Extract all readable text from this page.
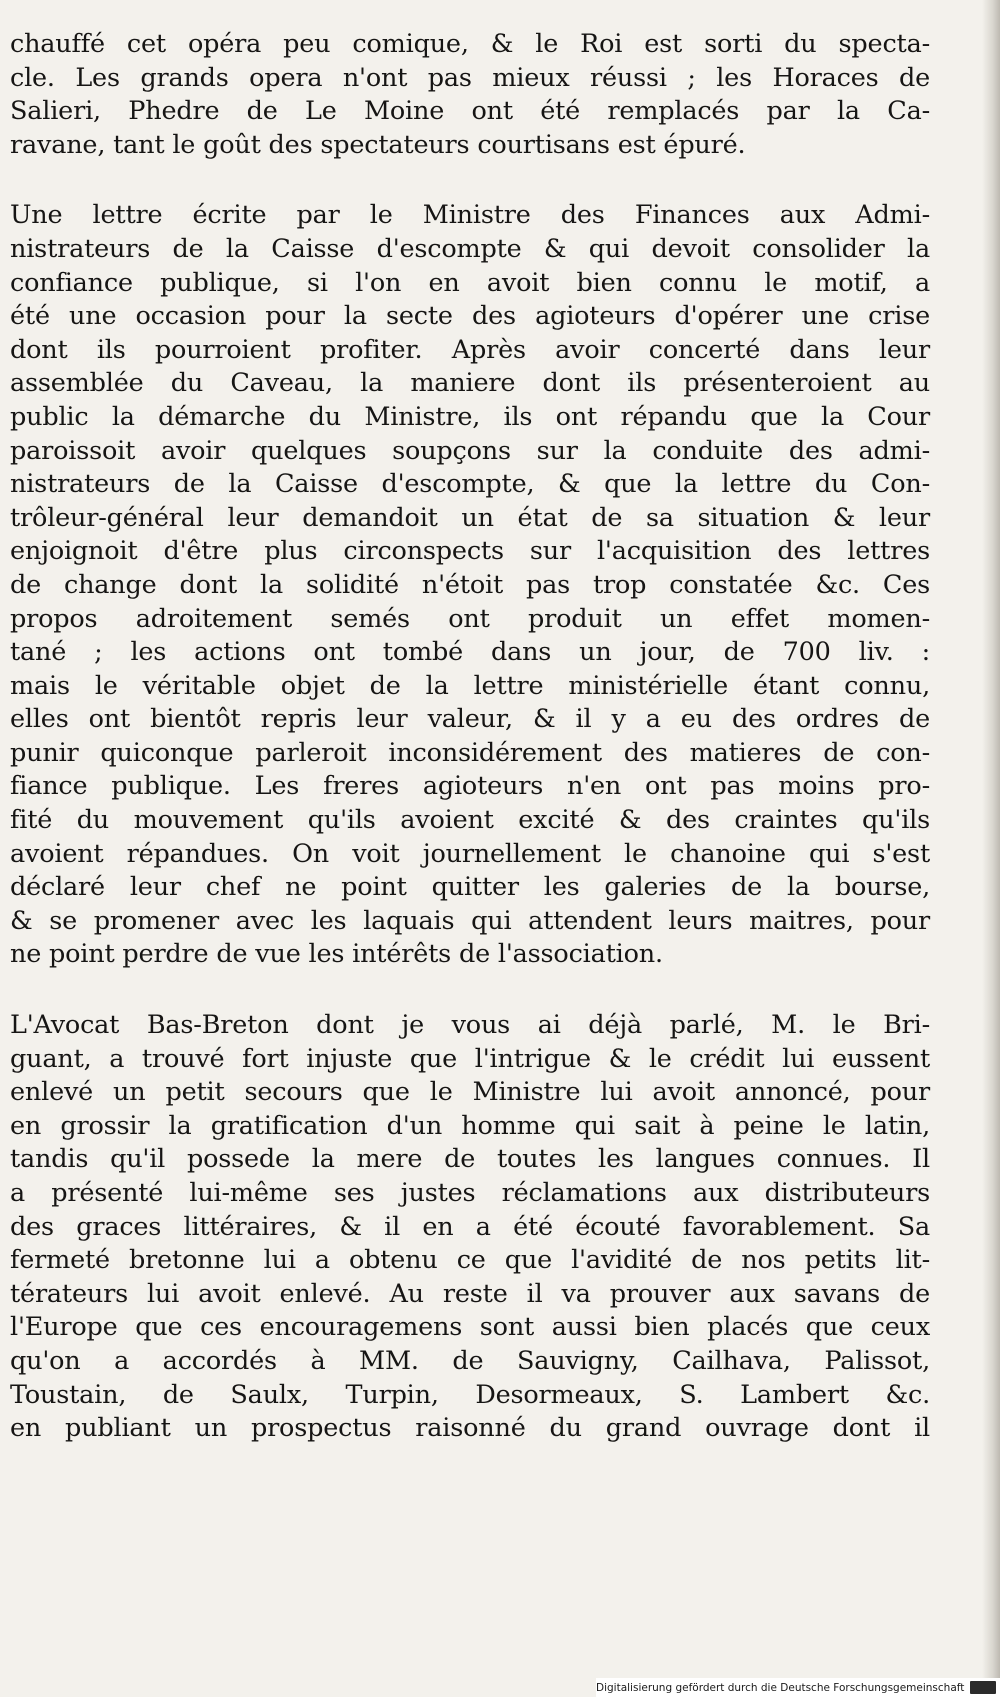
chauffé cet opéra peu comique, & le Roi est sorti du specta-
cle. Les grands opera n'ont pas mieux réussi ; les Horaces de
Salieri, Phedre de Le Moine ont été remplacés par la Ca-
ravane, tant le goût des spectateurs courtisans est épuré.
Une lettre écrite par le Ministre des Finances aux Admi-
nistrateurs de la Caisse d'escompte & qui devoit consolider la
confiance publique, si l'on en avoit bien connu le motif, a
été une occasion pour la secte des agioteurs d'opérer une crise
dont ils pourroient profiter. Après avoir concerté dans leur
assemblée du Caveau, la maniere dont ils présenteroient au
public la démarche du Ministre, ils ont répandu que la Cour
paroissoit avoir quelques soupçons sur la conduite des admi-
nistrateurs de la Caisse d'escompte, & que la lettre du Con-
trôleur-général leur demandoit un état de sa situation & leur
enjoignoit d'être plus circonspects sur l'acquisition des lettres
de change dont la solidité n'étoit pas trop constatée &c. Ces
propos adroitement semés ont produit un effet momen-
tané ; les actions ont tombé dans un jour, de 700 liv. :
mais le véritable objet de la lettre ministérielle étant connu,
elles ont bientôt repris leur valeur, & il y a eu des ordres de
punir quiconque parleroit inconsidérement des matieres de con-
fiance publique. Les freres agioteurs n'en ont pas moins pro-
fité du mouvement qu'ils avoient excité & des craintes qu'ils
avoient répandues. On voit journellement le chanoine qui s'est
déclaré leur chef ne point quitter les galeries de la bourse,
& se promener avec les laquais qui attendent leurs maitres, pour
ne point perdre de vue les intérêts de l'association.
L'Avocat Bas-Breton dont je vous ai déjà parlé, M. le Bri-
guant, a trouvé fort injuste que l'intrigue & le crédit lui eussent
enlevé un petit secours que le Ministre lui avoit annoncé, pour
en grossir la gratification d'un homme qui sait à peine le latin,
tandis qu'il possede la mere de toutes les langues connues. Il
a présenté lui-même ses justes réclamations aux distributeurs
des graces littéraires, & il en a été écouté favorablement. Sa
fermeté bretonne lui a obtenu ce que l'avidité de nos petits lit-
térateurs lui avoit enlevé. Au reste il va prouver aux savans de
l'Europe que ces encouragemens sont aussi bien placés que ceux
qu'on a accordés à MM. de Sauvigny, Cailhava, Palissot,
Toustain, de Saulx, Turpin, Desormeaux, S. Lambert &c.
en publiant un prospectus raisonné du grand ouvrage dont il
Digitalisierung gefördert durch die Deutsche Forschungsgemeinschaft
